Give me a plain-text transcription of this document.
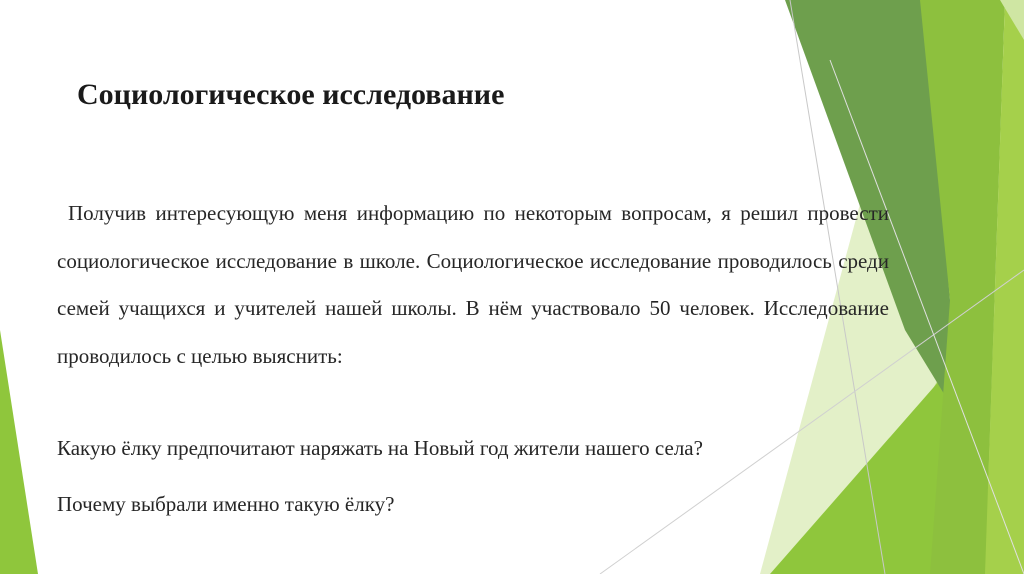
Социологическое исследование

Получив интересующую меня информацию по некоторым вопросам, я решил провести социологическое исследование в школе. Социологическое исследование проводилось среди семей учащихся и учителей нашей школы. В нём участвовало 50 человек. Исследование проводилось с целью выяснить:

Какую ёлку предпочитают наряжать на Новый год жители нашего села?

Почему выбрали именно такую ёлку?
